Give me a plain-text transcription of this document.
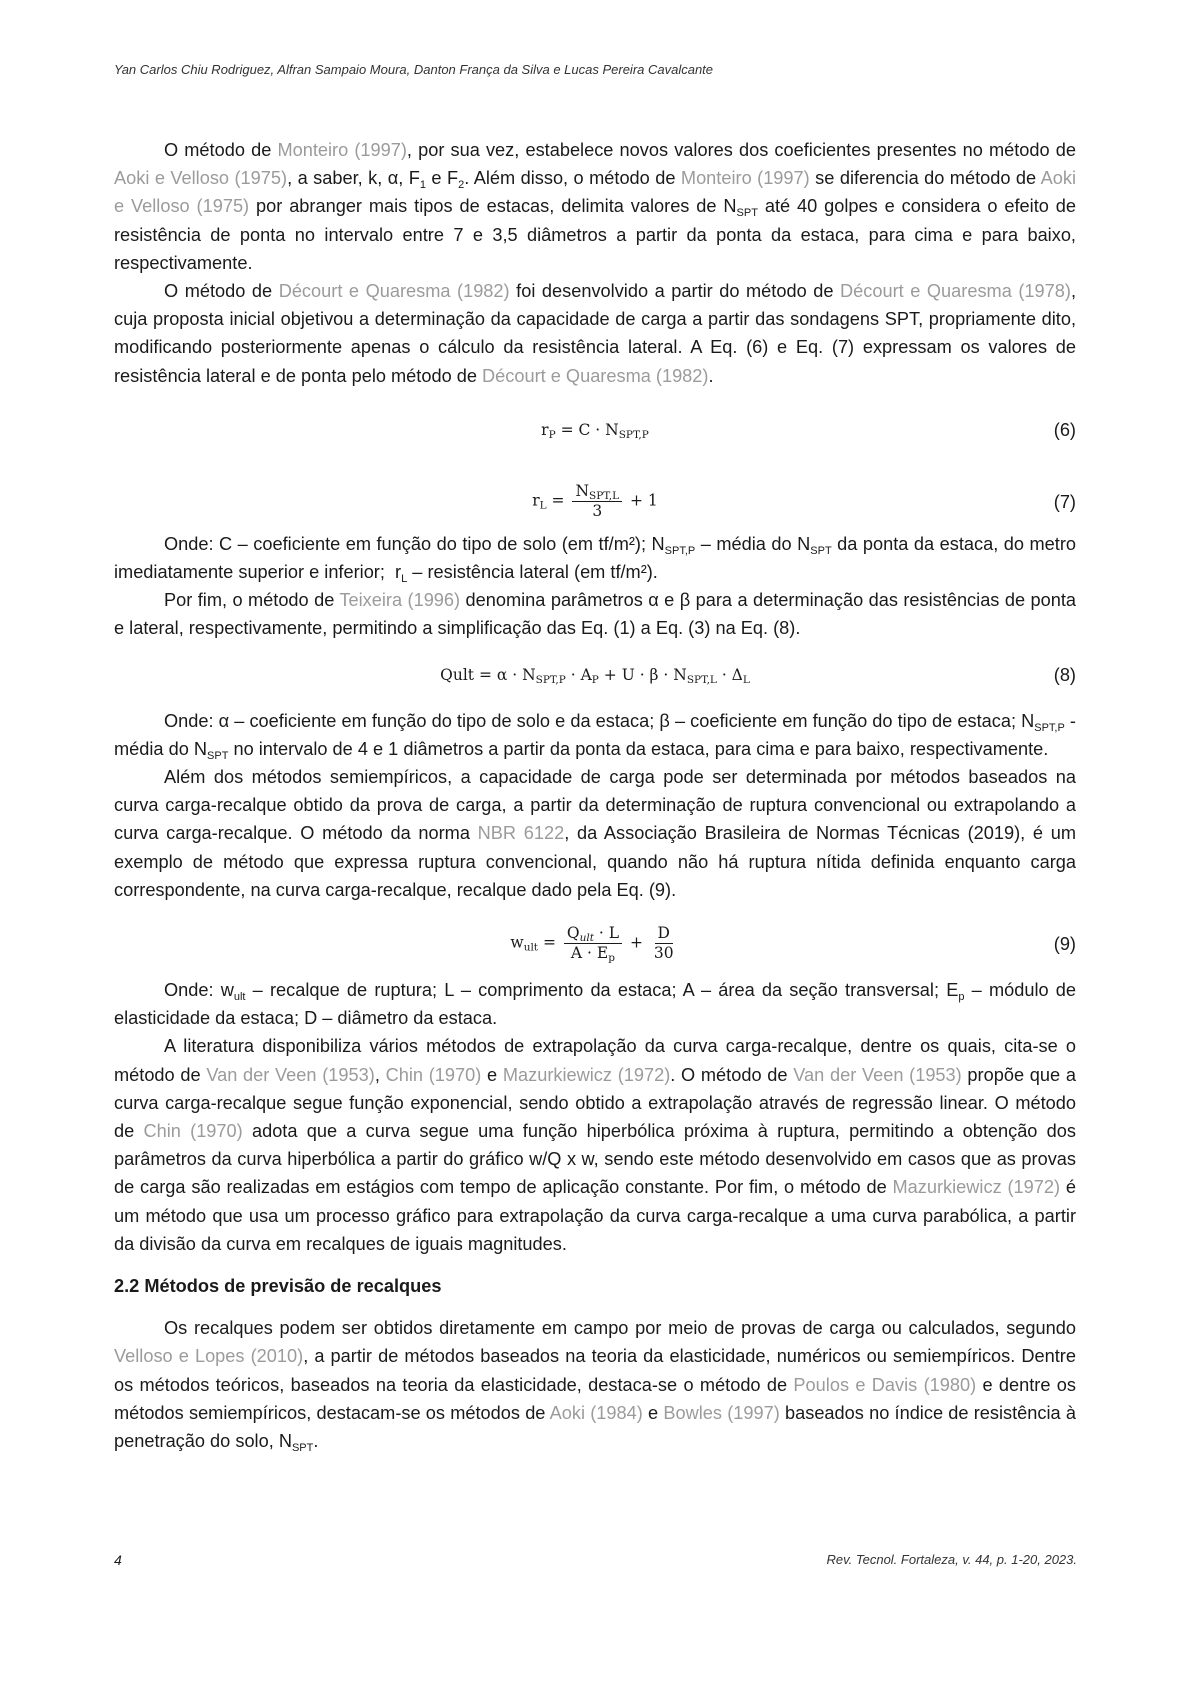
Yan Carlos Chiu Rodriguez, Alfran Sampaio Moura, Danton França da Silva e Lucas Pereira Cavalcante

O método de Monteiro (1997), por sua vez, estabelece novos valores dos coeficientes presentes no método de Aoki e Velloso (1975), a saber, k, α, $F_1$ e $F_2$. Além disso, o método de Monteiro (1997) se diferencia do método de Aoki e Velloso (1975) por abranger mais tipos de estacas, delimita valores de $N_{SPT}$ até 40 golpes e considera o efeito de resistência de ponta no intervalo entre 7 e 3,5 diâmetros a partir da ponta da estaca, para cima e para baixo, respectivamente.

O método de Décourt e Quaresma (1982) foi desenvolvido a partir do método de Décourt e Quaresma (1978), cuja proposta inicial objetivou a determinação da capacidade de carga a partir das sondagens SPT, propriamente dito, modificando posteriormente apenas o cálculo da resistência lateral. A Eq. (6) e Eq. (7) expressam os valores de resistência lateral e de ponta pelo método de Décourt e Quaresma (1982).

$r_P = C \cdot N_{SPT,P}$	(6)
$r_L = \frac{N_{SPT,L}}{3} + 1$	(7)

Onde: C – coeficiente em função do tipo de solo (em tf/m²); $N_{SPT,P}$ – média do $N_{SPT}$ da ponta da estaca, do metro imediatamente superior e inferior;  $r_L$ – resistência lateral (em tf/m²).

Por fim, o método de Teixeira (1996) denomina parâmetros α e β para a determinação das resistências de ponta e lateral, respectivamente, permitindo a simplificação das Eq. (1) a Eq. (3) na Eq. (8).

Qult = $\alpha \cdot N_{SPT,P} \cdot A_P + U \cdot \beta \cdot N_{SPT,L} \cdot \Delta_L$	(8)

Onde: α – coeficiente em função do tipo de solo e da estaca; β – coeficiente em função do tipo de estaca; $N_{SPT,P}$ - média do $N_{SPT}$ no intervalo de 4 e 1 diâmetros a partir da ponta da estaca, para cima e para baixo, respectivamente.

Além dos métodos semiempíricos, a capacidade de carga pode ser determinada por métodos baseados na curva carga-recalque obtido da prova de carga, a partir da determinação de ruptura convencional ou extrapolando a curva carga-recalque. O método da norma NBR 6122, da Associação Brasileira de Normas Técnicas (2019), é um exemplo de método que expressa ruptura convencional, quando não há ruptura nítida definida enquanto carga correspondente, na curva carga-recalque, recalque dado pela Eq. (9).

$w_{ult} = \frac{Q_{ult} \cdot L}{A \cdot E_p} + \frac{D}{30}$	(9)

Onde: $w_{ult}$ – recalque de ruptura; L – comprimento da estaca; A – área da seção transversal; $E_p$ – módulo de elasticidade da estaca; D – diâmetro da estaca.

A literatura disponibiliza vários métodos de extrapolação da curva carga-recalque, dentre os quais, cita-se o método de Van der Veen (1953), Chin (1970) e Mazurkiewicz (1972). O método de Van der Veen (1953) propõe que a curva carga-recalque segue função exponencial, sendo obtido a extrapolação através de regressão linear. O método de Chin (1970) adota que a curva segue uma função hiperbólica próxima à ruptura, permitindo a obtenção dos parâmetros da curva hiperbólica a partir do gráfico w/Q x w, sendo este método desenvolvido em casos que as provas de carga são realizadas em estágios com tempo de aplicação constante. Por fim, o método de Mazurkiewicz (1972) é um método que usa um processo gráfico para extrapolação da curva carga-recalque a uma curva parabólica, a partir da divisão da curva em recalques de iguais magnitudes.

2.2 Métodos de previsão de recalques

Os recalques podem ser obtidos diretamente em campo por meio de provas de carga ou calculados, segundo Velloso e Lopes (2010), a partir de métodos baseados na teoria da elasticidade, numéricos ou semiempíricos. Dentre os métodos teóricos, baseados na teoria da elasticidade, destaca-se o método de Poulos e Davis (1980) e dentre os métodos semiempíricos, destacam-se os métodos de Aoki (1984) e Bowles (1997) baseados no índice de resistência à penetração do solo, $N_{SPT}$.

4	Rev. Tecnol. Fortaleza, v. 44, p. 1-20, 2023.
